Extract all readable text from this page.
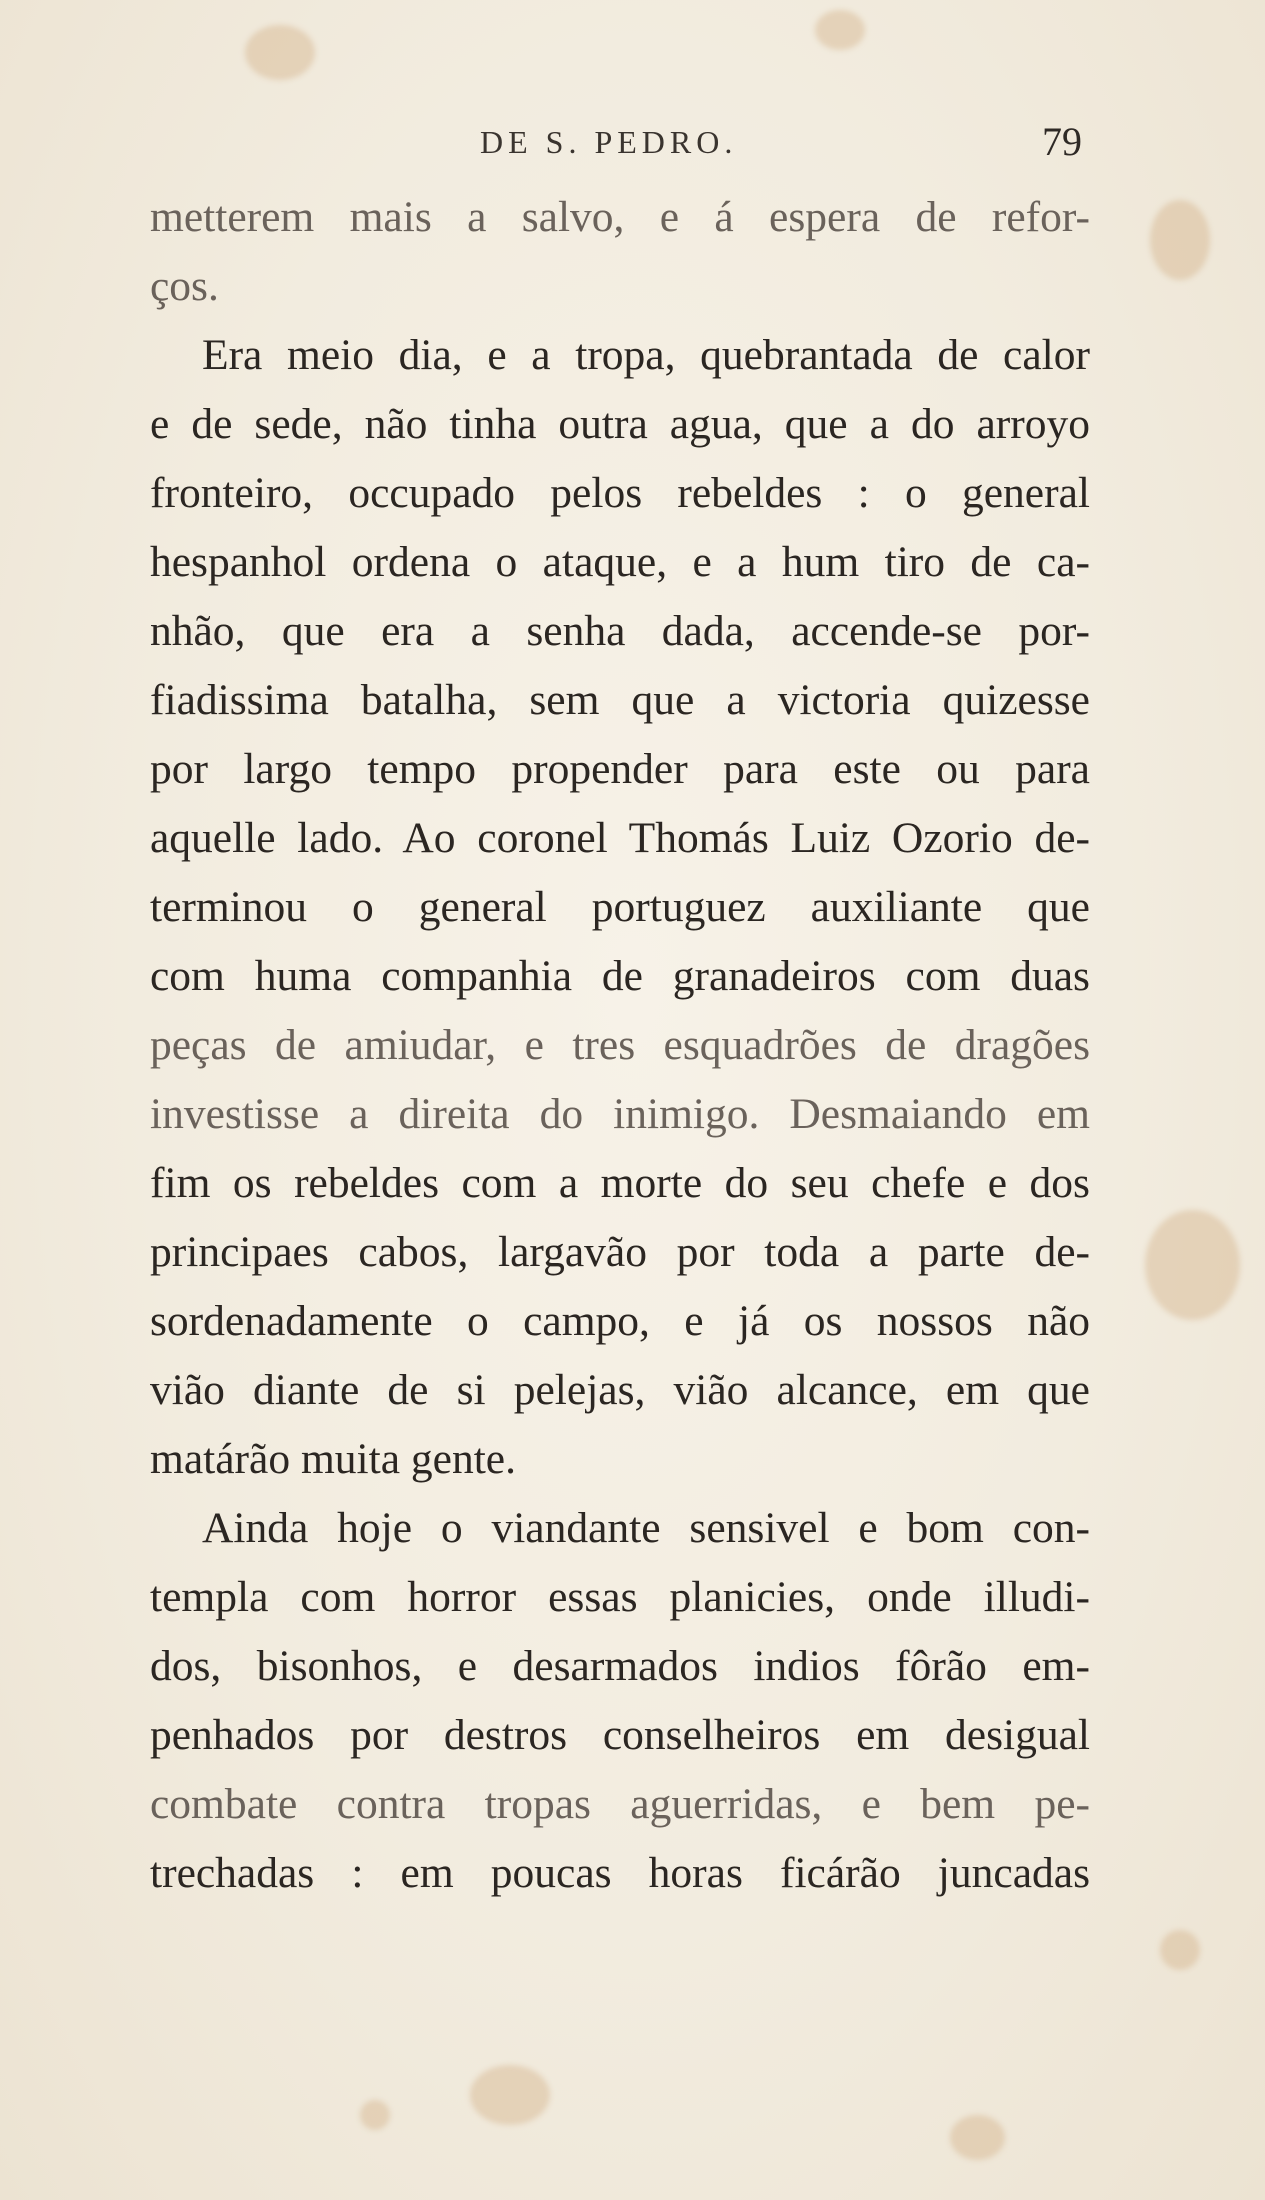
DE S. PEDRO.	79
metterem mais a salvo, e á espera de refor-
ços.
Era meio dia, e a tropa, quebrantada de calor
e de sede, não tinha outra agua, que a do arroyo
fronteiro, occupado pelos rebeldes : o general
hespanhol ordena o ataque, e a hum tiro de ca-
nhão, que era a senha dada, accende-se por-
fiadissima batalha, sem que a victoria quizesse
por largo tempo propender para este ou para
aquelle lado. Ao coronel Thomás Luiz Ozorio de-
terminou o general portuguez auxiliante que
com huma companhia de granadeiros com duas
peças de amiudar, e tres esquadrões de dragões
investisse a direita do inimigo. Desmaiando em
fim os rebeldes com a morte do seu chefe e dos
principaes cabos, largavão por toda a parte de-
sordenadamente o campo, e já os nossos não
vião diante de si pelejas, vião alcance, em que
matárão muita gente.
Ainda hoje o viandante sensivel e bom con-
templa com horror essas planicies, onde illudi-
dos, bisonhos, e desarmados indios fôrão em-
penhados por destros conselheiros em desigual
combate contra tropas aguerridas, e bem pe-
trechadas : em poucas horas ficárão juncadas
